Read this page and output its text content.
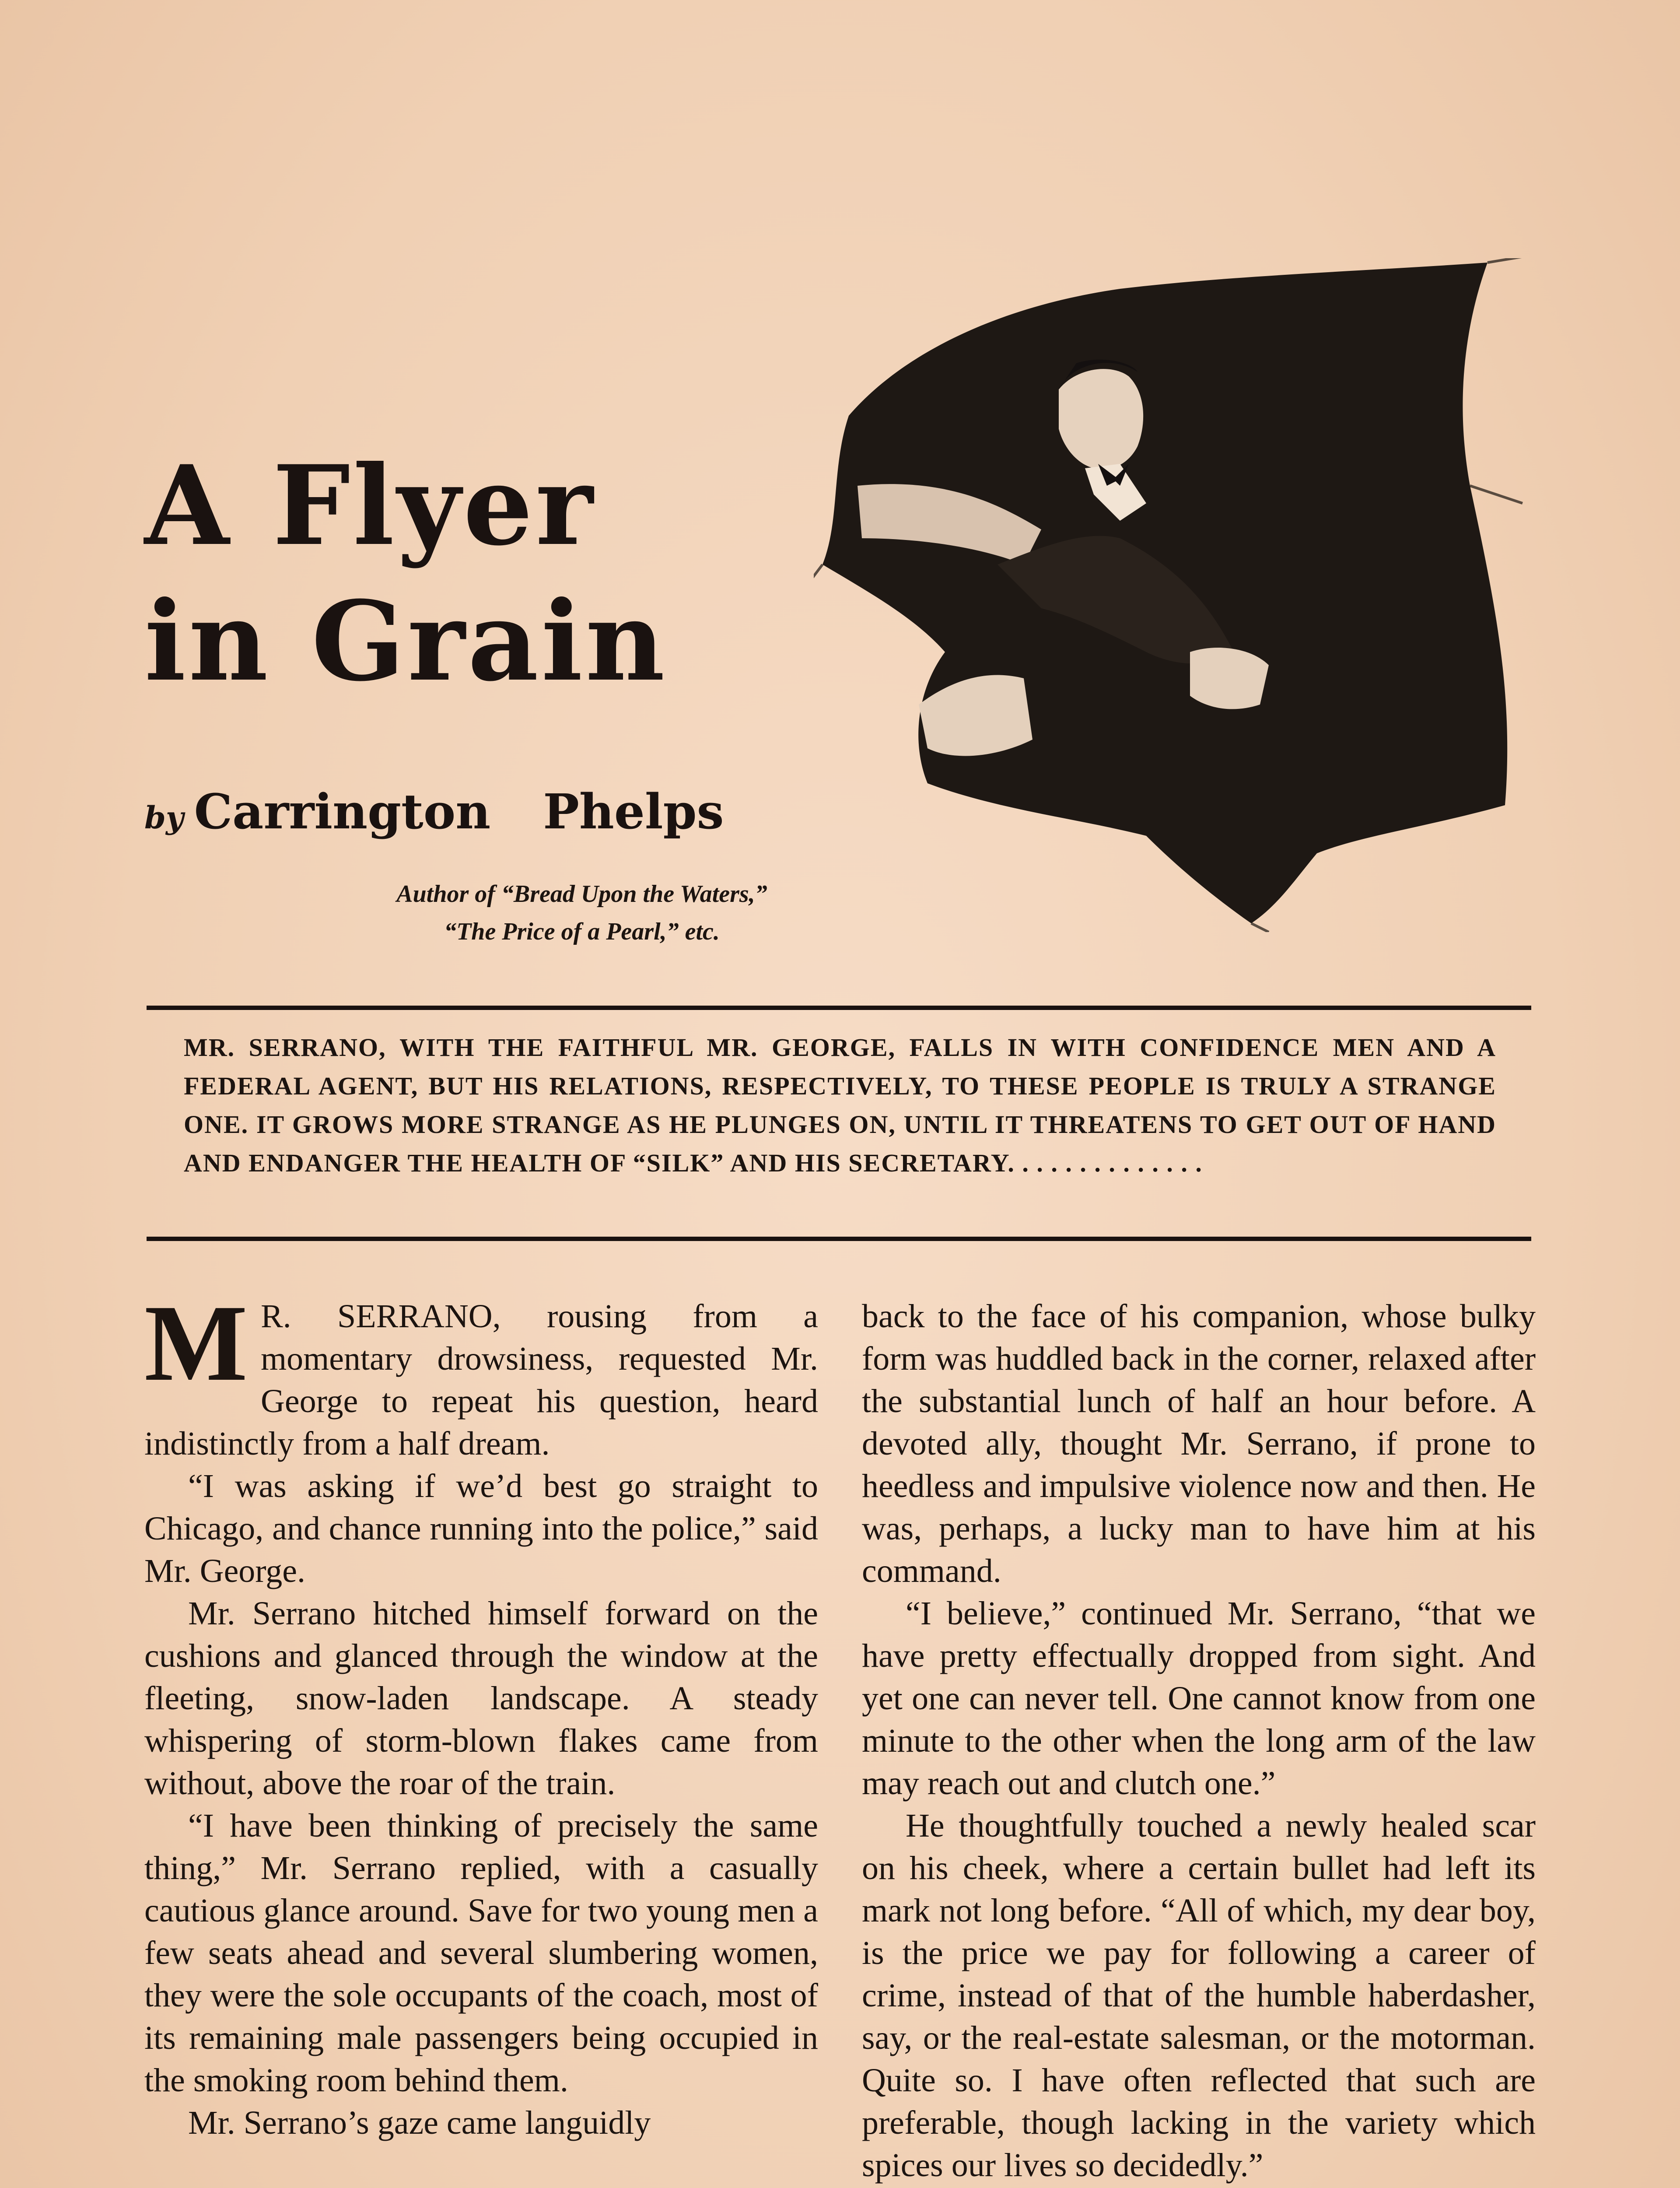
A Flyer
in Grain
by Carrington Phelps
Author of “Bread Upon the Waters,”
“The Price of a Pearl,” etc.
MR. SERRANO, WITH THE FAITHFUL MR. GEORGE, FALLS IN WITH CONFIDENCE MEN AND A FEDERAL AGENT, BUT HIS RELATIONS, RESPECTIVELY, TO THESE PEOPLE IS TRULY A STRANGE ONE. IT GROWS MORE STRANGE AS HE PLUNGES ON, UNTIL IT THREATENS TO GET OUT OF HAND AND ENDANGER THE HEALTH OF “SILK” AND HIS SECRETARY. . . . . . . . . . . . . .

M R. SERRANO, rousing from a momentary drowsiness, requested Mr. George to repeat his question, heard indistinctly from a half dream.

“I was asking if we’d best go straight to Chicago, and chance running into the police,” said Mr. George.

Mr. Serrano hitched himself forward on the cushions and glanced through the window at the fleeting, snow-laden landscape. A steady whispering of storm-blown flakes came from without, above the roar of the train.

“I have been thinking of precisely the same thing,” Mr. Serrano replied, with a casually cautious glance around. Save for two young men a few seats ahead and several slumbering women, they were the sole occupants of the coach, most of its remaining male passengers being occupied in the smoking room behind them.

Mr. Serrano’s gaze came languidly

back to the face of his companion, whose bulky form was huddled back in the corner, relaxed after the substantial lunch of half an hour before. A devoted ally, thought Mr. Serrano, if prone to heedless and impulsive violence now and then. He was, perhaps, a lucky man to have him at his command.

“I believe,” continued Mr. Serrano, “that we have pretty effectually dropped from sight. And yet one can never tell. One cannot know from one minute to the other when the long arm of the law may reach out and clutch one.”

He thoughtfully touched a newly healed scar on his cheek, where a certain bullet had left its mark not long before. “All of which, my dear boy, is the price we pay for following a career of crime, instead of that of the humble haberdasher, say, or the real-estate salesman, or the motorman. Quite so. I have often reflected that such are preferable, though lacking in the variety which spices our lives so decidedly.”
